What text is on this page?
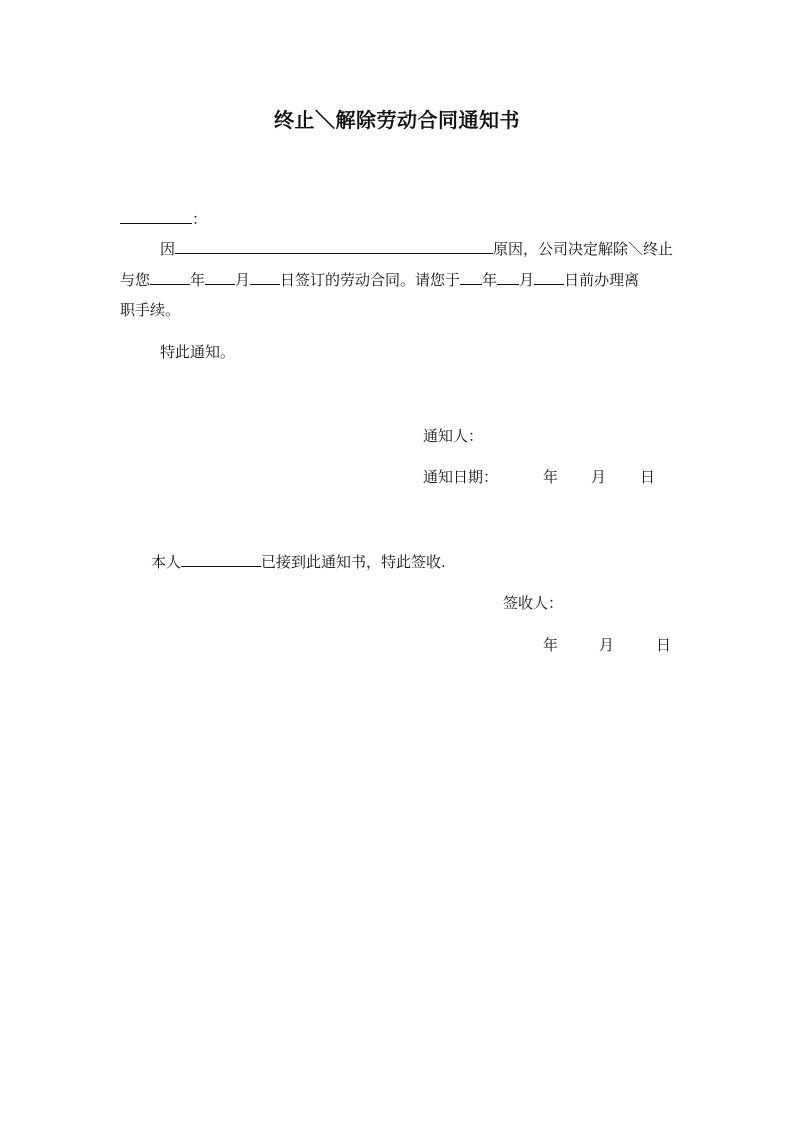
终止＼解除劳动合同通知书
：
因	原因，公司决定解除＼终止
与您	年 月 日签订的劳动合同。请您于 年 月 日前办理离
职手续。
特此通知。
通知人：
通知日期：	年 月 日
本人	已接到此通知书，特此签收.
签收人：
年	月	日
